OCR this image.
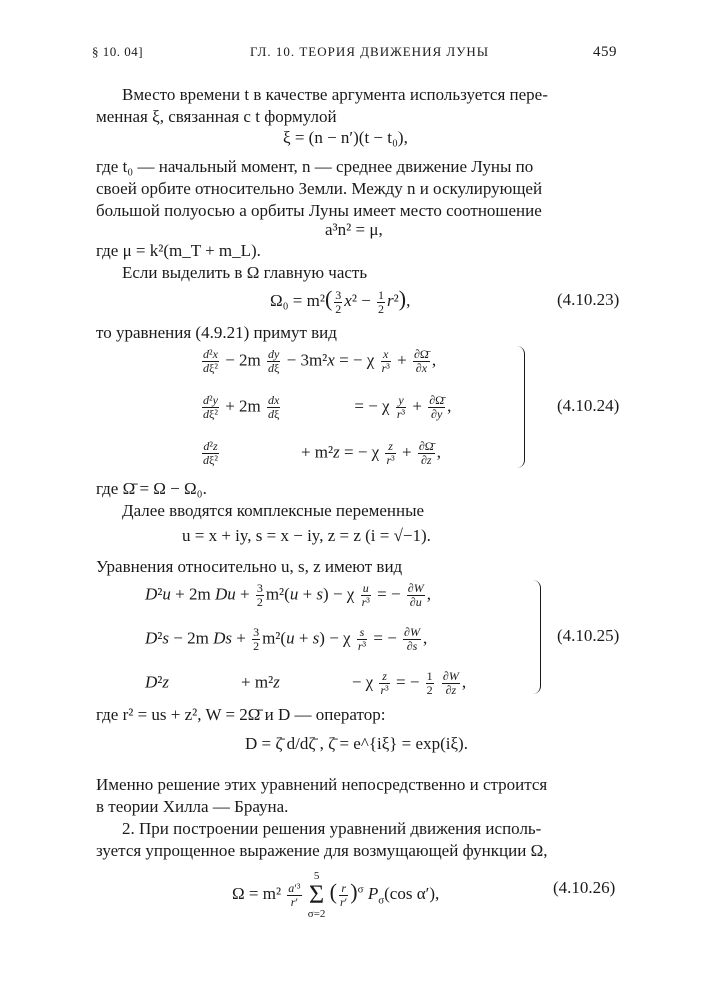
§ 10. 04]	ГЛ. 10. ТЕОРИЯ ДВИЖЕНИЯ ЛУНЫ	459
Вместо времени t в качестве аргумента используется пере-
менная ξ, связанная с t формулой
ξ = (n − n′)(t − t₀),
где t₀ — начальный момент, n — среднее движение Луны по
своей орбите относительно Земли. Между n и оскулирующей
большой полуосью a орбиты Луны имеет место соотношение
a³n² = μ,
где μ = k²(m_T + m_L).
Если выделить в Ω главную часть
$\Omega_0 = m^2( \frac{3}{2} x^2 - \frac{1}{2} r^2)$,	(4.10.23)
то уравнения (4.9.21) примут вид
$\frac{\text{d²x}}{\text{dξ²}} - 2m \frac{dy}{d\xi} - 3m^2x$ = − χ $\frac{x}{\text{r³}} + \frac{\partial\Omegā}{\partial x}$ ,
$\frac{\text{d²y}}{\text{dξ²}} + 2m \frac{dx}{d\xi}$	= − χ $\frac{y}{\text{r³}} + \frac{\partial\Omegā}{\partial y}$ ,
$\frac{\text{d²z}}{\text{dξ²}}$	+ m²z = − χ $\frac{z}{\text{r³}} + \frac{\partial\Omegā}{\partial z}$ ,
(4.10.24)
где Ω̄ = Ω − Ω₀.
Далее вводятся комплексные переменные
u = x + iy, s = x − iy, z = z (i = √−1).
Уравнения относительно u, s, z имеют вид
D²u + 2m $Du + \frac{3}{2} m^2(u + s) - \chi \frac{u}{\text{r³}}$ = − $\frac{\partial W}{\partial u}$ ,
D²s − 2m $Ds + \frac{3}{2} m^2(u + s) - \chi \frac{s}{\text{r³}}$ = − $\frac{\partial W}{\partial s}$ ,
D²z	+ m²z	− χ $\frac{z}{\text{r³}}$ = − $\frac{1}{2}$
$\frac{\partial W}{\partial z}$ ,
(4.10.25)
где r² = us + z², W = 2Ω̄ и D — оператор:
D = ζ̄ d/dζ̄ , ζ̄ = e^{iξ} = exp(iξ).
Именно решение этих уравнений непосредственно и строится
в теории Хилла — Брауна.
2. При построении решения уравнений движения исполь-
зуется упрощенное выражение для возмущающей функции Ω,
$\Omega = m^2 \frac{\text{a′³}}{r'}$
5
Σ
σ=2 ( $\frac{r}{r'} )^\sigma$ $P_\sigma(\cos$ α′),	(4.10.26)
